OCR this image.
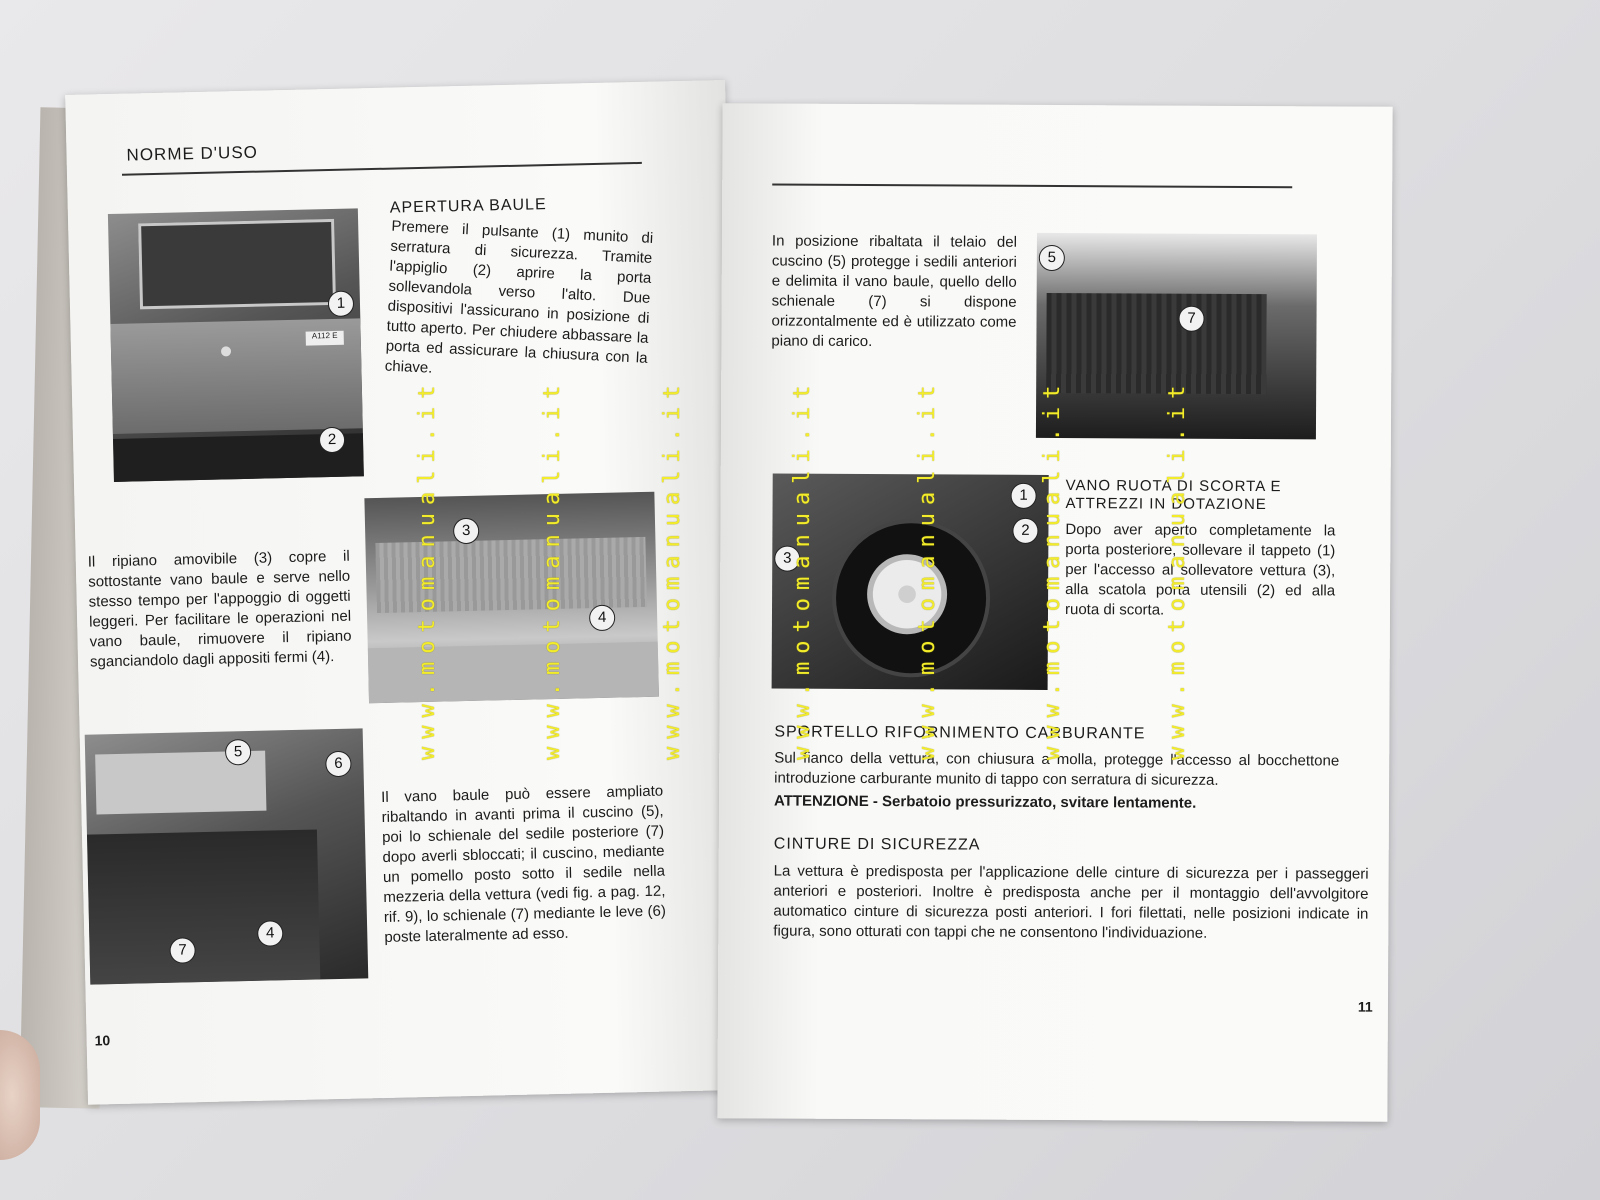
NORME D'USO
A112 E
1
2
APERTURA BAULE
Premere il pulsante (1) munito di serratura di sicurezza. Tramite l'appiglio (2) aprire la porta sollevandola verso l'alto. Due dispositivi l'assicurano in posizione di tutto aperto. Per chiudere abbassare la porta ed assicurare la chiusura con la chiave.
3
4
Il ripiano amovibile (3) copre il sottostante vano baule e serve nello stesso tempo per l'appoggio di oggetti leggeri. Per facilitare le operazioni nel vano baule, rimuovere il ripiano sganciandolo dagli appositi fermi (4).
5
6
4
7
Il vano baule può essere ampliato ribaltando in avanti prima il cuscino (5), poi lo schienale del sedile posteriore (7) dopo averli sbloccati; il cuscino, mediante un pomello posto sotto il sedile nella mezzeria della vettura (vedi fig. a pag. 12, rif. 9), lo schienale (7) mediante le leve (6) poste lateralmente ad esso.
10
In posizione ribaltata il telaio del cuscino (5) protegge i sedili anteriori e delimita il vano baule, quello dello schienale (7) si dispone orizzontalmente ed è utilizzato come piano di carico.
5
7
1
2
3
VANO RUOTA DI SCORTA E ATTREZZI IN DOTAZIONE
Dopo aver aperto completamente la porta posteriore, sollevare il tappeto (1) per l'accesso al sollevatore vettura (3), alla scatola porta utensili (2) ed alla ruota di scorta.
SPORTELLO RIFORNIMENTO CARBURANTE
Sul fianco della vettura, con chiusura a molla, protegge l'accesso al bocchettone introduzione carburante munito di tappo con serratura di sicurezza.
ATTENZIONE - Serbatoio pressurizzato, svitare lentamente.
CINTURE DI SICUREZZA
La vettura è predisposta per l'applicazione delle cinture di sicurezza per i passeggeri anteriori e posteriori. Inoltre è predisposta anche per il montaggio dell'avvolgitore automatico cinture di sicurezza posti anteriori. I fori filettati, nelle posizioni indicate in figura, sono otturati con tappi che ne consentono l'individuazione.
11
www.motomanuali.it	www.motomanuali.it	www.motomanuali.it	www.motomanuali.it	www.motomanuali.it	www.motomanuali.it	www.motomanuali.it
